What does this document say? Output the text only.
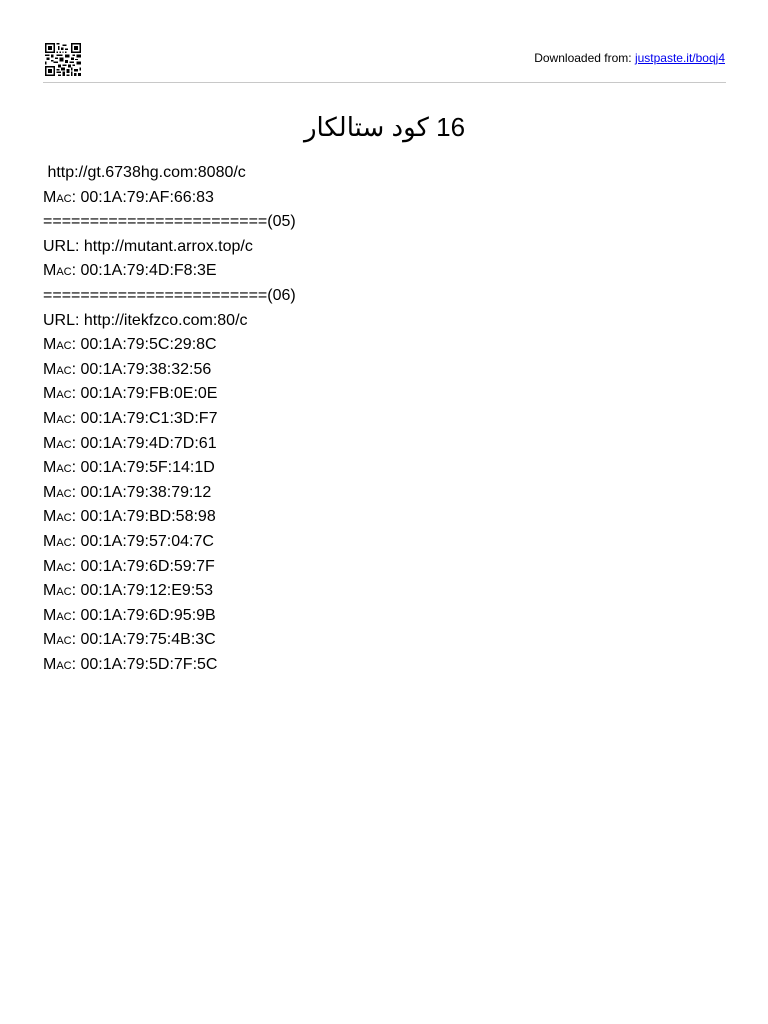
Downloaded from: justpaste.it/boqj4
16 كود ستالكار
http://gt.6738hg.com:8080/c
Mac: 00:1A:79:AF:66:83
========================(05)
URL: http://mutant.arrox.top/c
Mac: 00:1A:79:4D:F8:3E
========================(06)
URL: http://itekfzco.com:80/c
Mac: 00:1A:79:5C:29:8C
Mac: 00:1A:79:38:32:56
Mac: 00:1A:79:FB:0E:0E
Mac: 00:1A:79:C1:3D:F7
Mac: 00:1A:79:4D:7D:61
Mac: 00:1A:79:5F:14:1D
Mac: 00:1A:79:38:79:12
Mac: 00:1A:79:BD:58:98
Mac: 00:1A:79:57:04:7C
Mac: 00:1A:79:6D:59:7F
Mac: 00:1A:79:12:E9:53
Mac: 00:1A:79:6D:95:9B
Mac: 00:1A:79:75:4B:3C
Mac: 00:1A:79:5D:7F:5C
